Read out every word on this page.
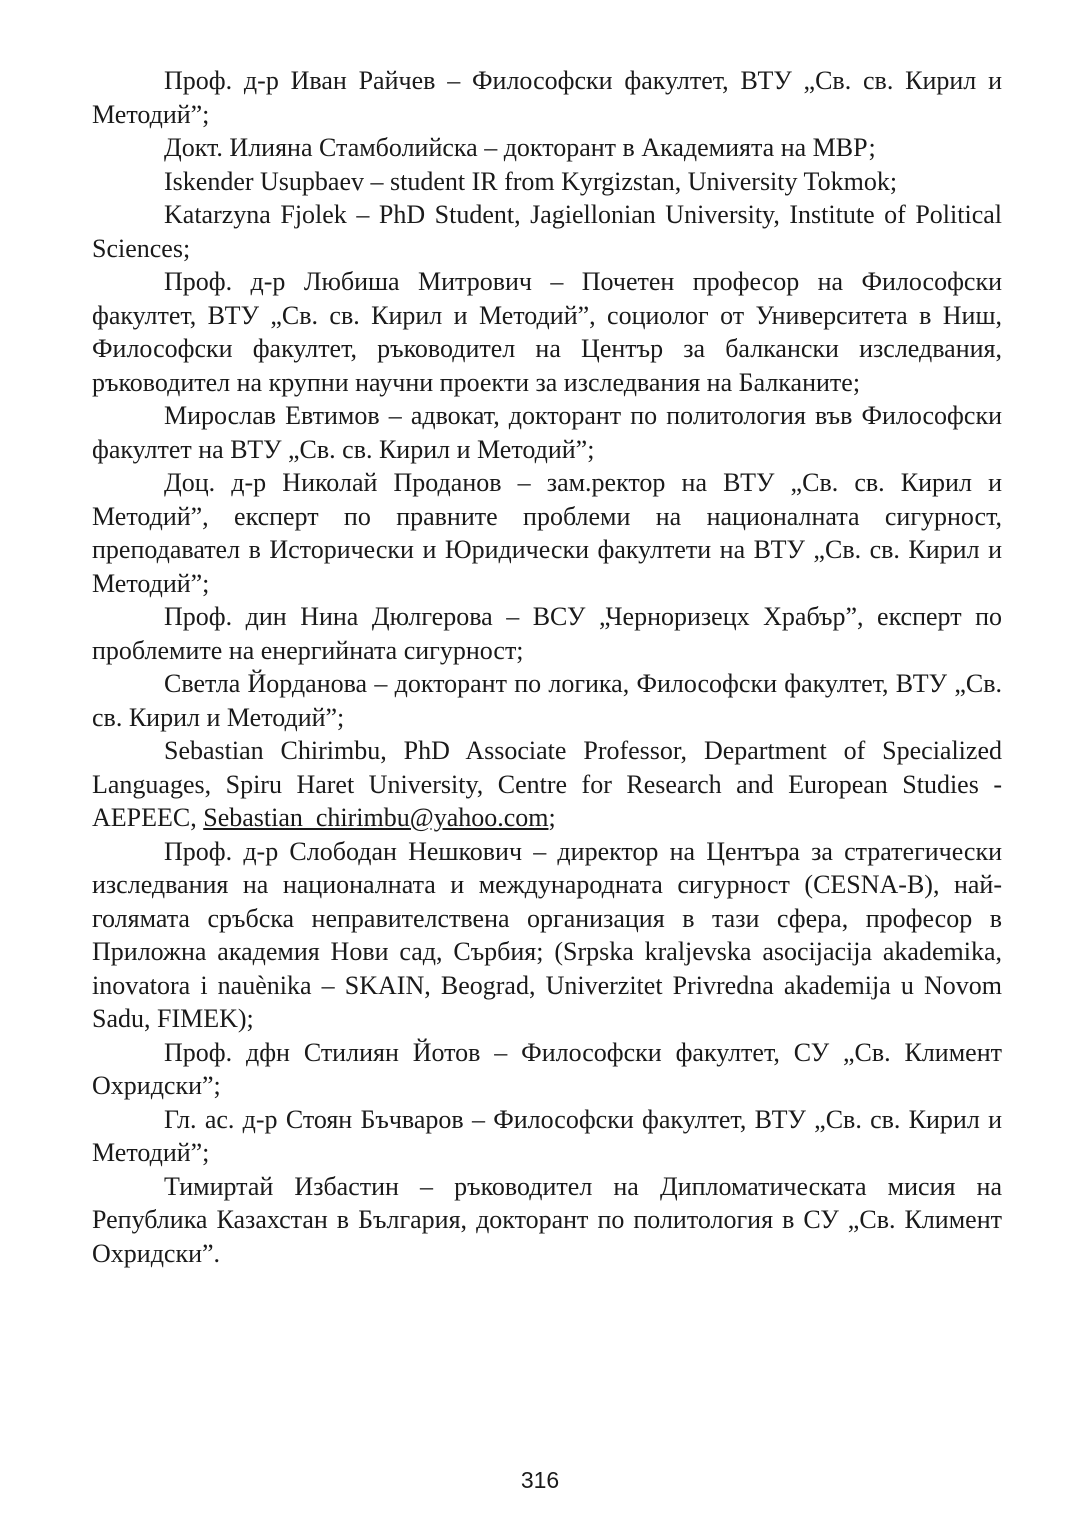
Проф. д-р Иван Райчев – Философски факултет, ВТУ „Св. св. Кирил и Методий”;

Докт. Илияна Стамболийска – докторант в Академията на МВР;

Iskender Usupbaev – student IR from Kyrgizstan, University Tokmok;

Katarzyna Fjolek – PhD Student, Jagiellonian University, Institute of Political Sciences;

Проф. д-р Любиша Митрович – Почетен професор на Философски факултет, ВТУ „Св. св. Кирил и Методий”, социолог от Университета в Ниш, Философски факултет, ръководител на Център за балкански изследвания, ръководител на крупни научни проекти за изследвания на Балканите;

Мирослав Евтимов – адвокат, докторант по политология във Философски факултет на ВТУ „Св. св. Кирил и Методий”;

Доц. д-р Николай Проданов – зам.ректор на ВТУ „Св. св. Кирил и Методий”, експерт по правните проблеми на националната сигурност, преподавател в Исторически и Юридически факултети на ВТУ „Св. св. Кирил и Методий”;

Проф. дин Нина Дюлгерова – ВСУ „Черноризецх Храбър”, експерт по проблемите на енергийната сигурност;

Светла Йорданова – докторант по логика, Философски факултет, ВТУ „Св. св. Кирил и Методий”;

Sebastian Chirimbu, PhD Associate Professor, Department of Specialized Languages, Spiru Haret University, Centre for Research and European Studies - AEPEEC, Sebastian_chirimbu@yahoo.com;

Проф. д-р Слободан Нешкович – директор на Центъра за стратегически изследвания на националната и международната сигурност (CESNA-B), най-голямата сръбска неправителствена организация в тази сфера, професор в Приложна академия Нови сад, Сърбия; (Srpska kraljevska asocijacija akademika, inovatora i nauènika – SKAIN, Beograd, Univerzitet Privredna akademija u Novom Sadu, FIMEK);

Проф. дфн Стилиян Йотов – Философски факултет, СУ „Св. Климент Охридски”;

Гл. ас. д-р Стоян Бъчваров – Философски факултет, ВТУ „Св. св. Кирил и Методий”;

Тимиртай Избастин – ръководител на Дипломатическата мисия на Република Казахстан в България, докторант по политология в СУ „Св. Климент Охридски”.

316
